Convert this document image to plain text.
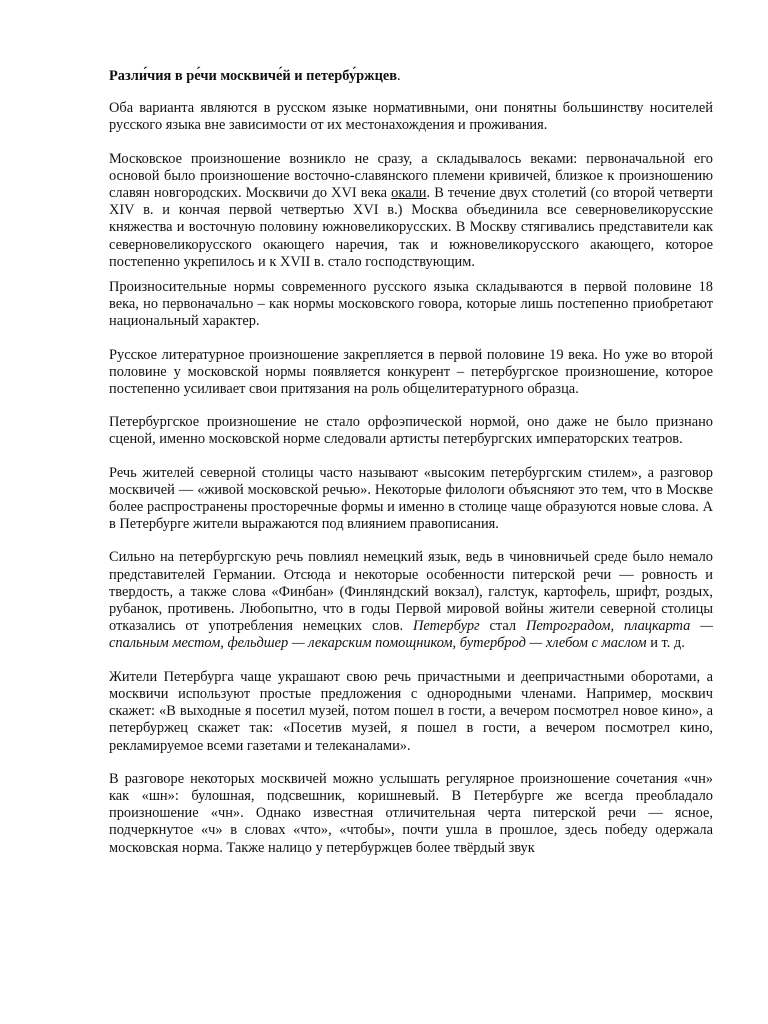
Разли́чия в ре́чи москвиче́й и петербу́ржцев.

Оба варианта являются в русском языке нормативными, они понятны большинству носителей русского языка вне зависимости от их местонахождения и проживания.

Московское произношение возникло не сразу, а складывалось веками: первоначальной его основой было произношение восточно-славянского племени кривичей, близкое к произношению славян новгородских. Москвичи до XVI века окали. В течение двух столетий (со второй четверти XIV в. и кончая первой четвертью XVI в.) Москва объединила все северновеликорусские княжества и восточную половину южновеликорусских. В Москву стягивались представители как северновеликорусского окающего наречия, так и южновеликорусского акающего, которое постепенно укрепилось и к XVII в. стало господствующим.

Произносительные нормы современного русского языка складываются в первой половине 18 века, но первоначально – как нормы московского говора, которые лишь постепенно приобретают национальный характер.

Русское литературное произношение закрепляется в первой половине 19 века. Но уже во второй половине у московской нормы появляется конкурент – петербургское произношение, которое постепенно усиливает свои притязания на роль общелитературного образца.

Петербургское произношение не стало орфоэпической нормой, оно даже не было признано сценой, именно московской норме следовали артисты петербургских императорских театров.

Речь жителей северной столицы часто называют «высоким петербургским стилем», а разговор москвичей — «живой московской речью». Некоторые филологи объясняют это тем, что в Москве более распространены просторечные формы и именно в столице чаще образуются новые слова. А в Петербурге жители выражаются под влиянием правописания.

Сильно на петербургскую речь повлиял немецкий язык, ведь в чиновничьей среде было немало представителей Германии. Отсюда и некоторые особенности питерской речи — ровность и твердость, а также слова «Финбан» (Финляндский вокзал), галстук, картофель, шрифт, роздых, рубанок, противень. Любопытно, что в годы Первой мировой войны жители северной столицы отказались от употребления немецких слов. Петербург стал Петроградом, плацкарта — спальным местом, фельдшер — лекарским помощником, бутерброд — хлебом с маслом и т. д.

Жители Петербурга чаще украшают свою речь причастными и деепричастными оборотами, а москвичи используют простые предложения с однородными членами. Например, москвич скажет: «В выходные я посетил музей, потом пошел в гости, а вечером посмотрел новое кино», а петербуржец скажет так: «Посетив музей, я пошел в гости, а вечером посмотрел кино, рекламируемое всеми газетами и телеканалами».

В разговоре некоторых москвичей можно услышать регулярное произношение сочетания «чн» как «шн»: булошная, подсвешник, коришневый. В Петербурге же всегда преобладало произношение «чн». Однако известная отличительная черта питерской речи — ясное, подчеркнутое «ч» в словах «что», «чтобы», почти ушла в прошлое, здесь победу одержала московская норма. Также налицо у петербуржцев более твёрдый звук
